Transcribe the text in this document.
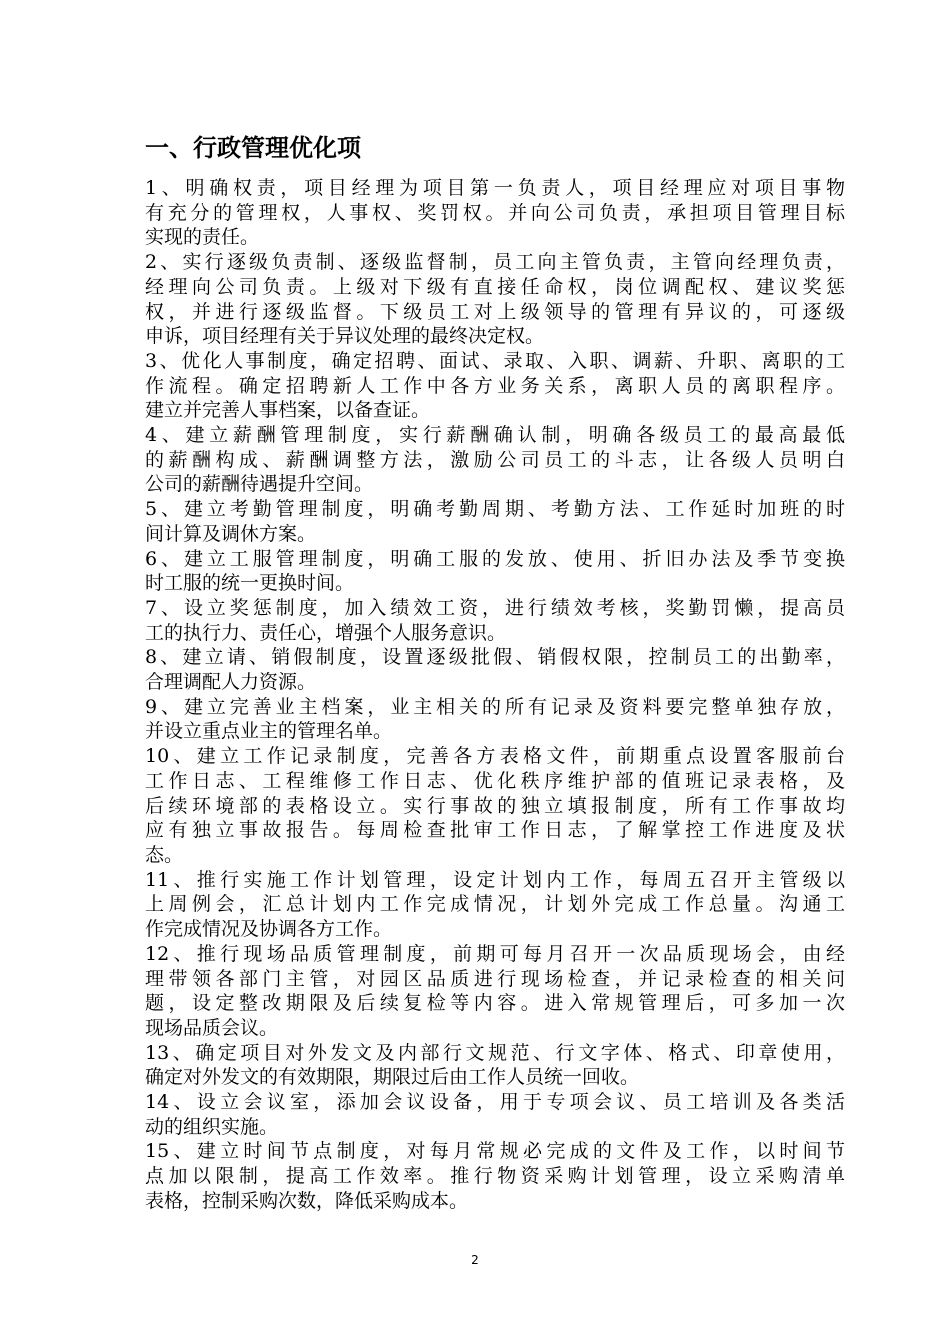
一、行政管理优化项
1、明确权责，项目经理为项目第一负责人，项目经理应对项目事物
有充分的管理权，人事权、奖罚权。并向公司负责，承担项目管理目标
实现的责任。
2、实行逐级负责制、逐级监督制，员工向主管负责，主管向经理负责，
经理向公司负责。上级对下级有直接任命权，岗位调配权、建议奖惩
权，并进行逐级监督。下级员工对上级领导的管理有异议的，可逐级
申诉，项目经理有关于异议处理的最终决定权。
3、优化人事制度，确定招聘、面试、录取、入职、调薪、升职、离职的工
作流程。确定招聘新人工作中各方业务关系，离职人员的离职程序。
建立并完善人事档案，以备查证。
4、建立薪酬管理制度，实行薪酬确认制，明确各级员工的最高最低
的薪酬构成、薪酬调整方法，激励公司员工的斗志，让各级人员明白
公司的薪酬待遇提升空间。
5、建立考勤管理制度，明确考勤周期、考勤方法、工作延时加班的时
间计算及调休方案。
6、建立工服管理制度，明确工服的发放、使用、折旧办法及季节变换
时工服的统一更换时间。
7、设立奖惩制度，加入绩效工资，进行绩效考核，奖勤罚懒，提高员
工的执行力、责任心，增强个人服务意识。
8、建立请、销假制度，设置逐级批假、销假权限，控制员工的出勤率，
合理调配人力资源。
9、建立完善业主档案，业主相关的所有记录及资料要完整单独存放，
并设立重点业主的管理名单。
10、建立工作记录制度，完善各方表格文件，前期重点设置客服前台
工作日志、工程维修工作日志、优化秩序维护部的值班记录表格，及
后续环境部的表格设立。实行事故的独立填报制度，所有工作事故均
应有独立事故报告。每周检查批审工作日志，了解掌控工作进度及状
态。
11、推行实施工作计划管理，设定计划内工作，每周五召开主管级以
上周例会，汇总计划内工作完成情况，计划外完成工作总量。沟通工
作完成情况及协调各方工作。
12、推行现场品质管理制度，前期可每月召开一次品质现场会，由经
理带领各部门主管，对园区品质进行现场检查，并记录检查的相关问
题，设定整改期限及后续复检等内容。进入常规管理后，可多加一次
现场品质会议。
13、确定项目对外发文及内部行文规范、行文字体、格式、印章使用，
确定对外发文的有效期限，期限过后由工作人员统一回收。
14、设立会议室，添加会议设备，用于专项会议、员工培训及各类活
动的组织实施。
15、建立时间节点制度，对每月常规必完成的文件及工作，以时间节
点加以限制，提高工作效率。推行物资采购计划管理，设立采购清单
表格，控制采购次数，降低采购成本。
2
